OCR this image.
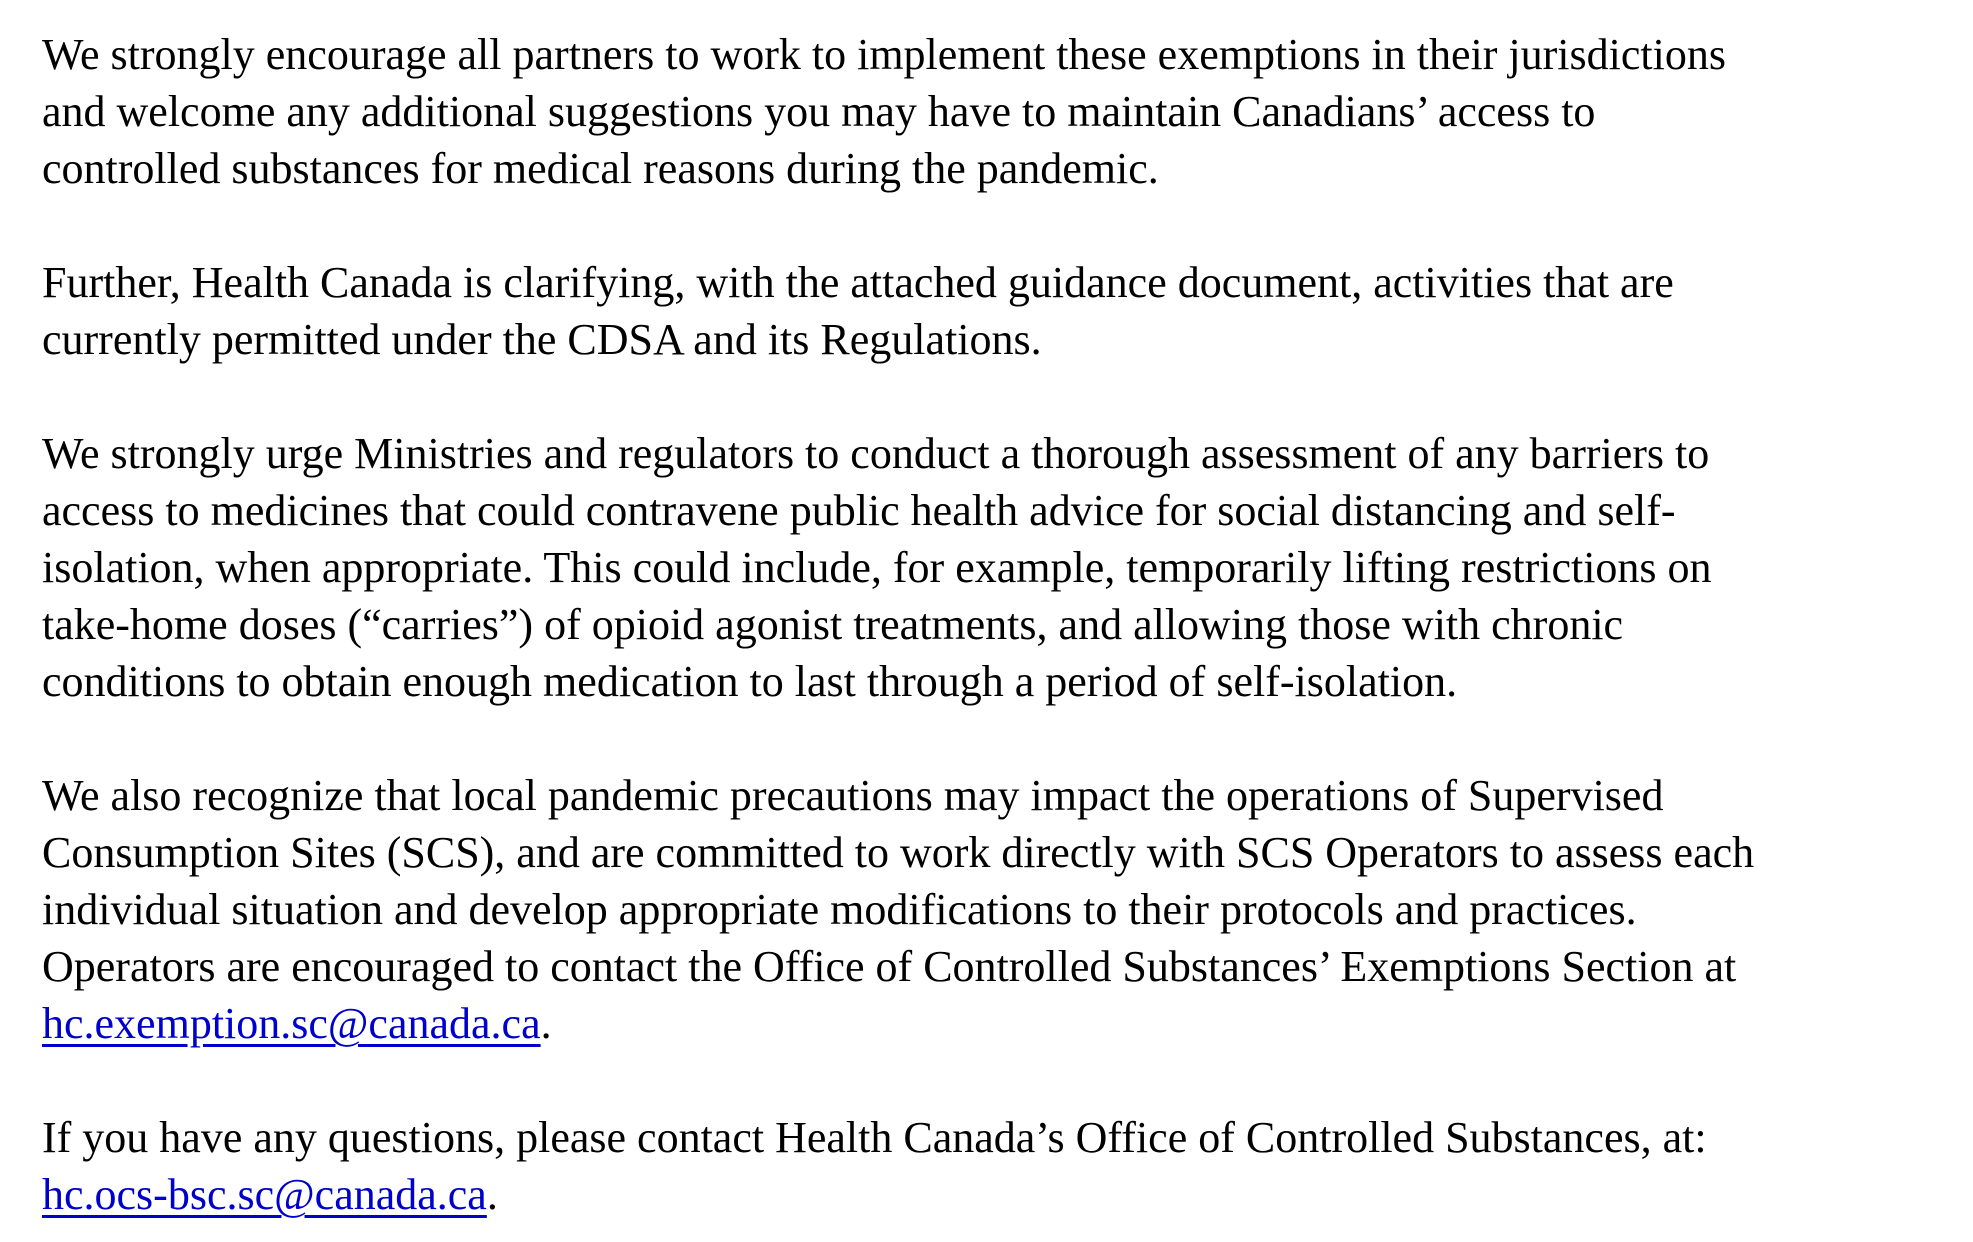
We strongly encourage all partners to work to implement these exemptions in their jurisdictions
and welcome any additional suggestions you may have to maintain Canadians’ access to
controlled substances for medical reasons during the pandemic.

Further, Health Canada is clarifying, with the attached guidance document, activities that are
currently permitted under the CDSA and its Regulations.

We strongly urge Ministries and regulators to conduct a thorough assessment of any barriers to
access to medicines that could contravene public health advice for social distancing and self-
isolation, when appropriate. This could include, for example, temporarily lifting restrictions on
take-home doses (“carries”) of opioid agonist treatments, and allowing those with chronic
conditions to obtain enough medication to last through a period of self-isolation.

We also recognize that local pandemic precautions may impact the operations of Supervised
Consumption Sites (SCS), and are committed to work directly with SCS Operators to assess each
individual situation and develop appropriate modifications to their protocols and practices.
Operators are encouraged to contact the Office of Controlled Substances’ Exemptions Section at
hc.exemption.sc@canada.ca.

If you have any questions, please contact Health Canada’s Office of Controlled Substances, at:
hc.ocs-bsc.sc@canada.ca.
